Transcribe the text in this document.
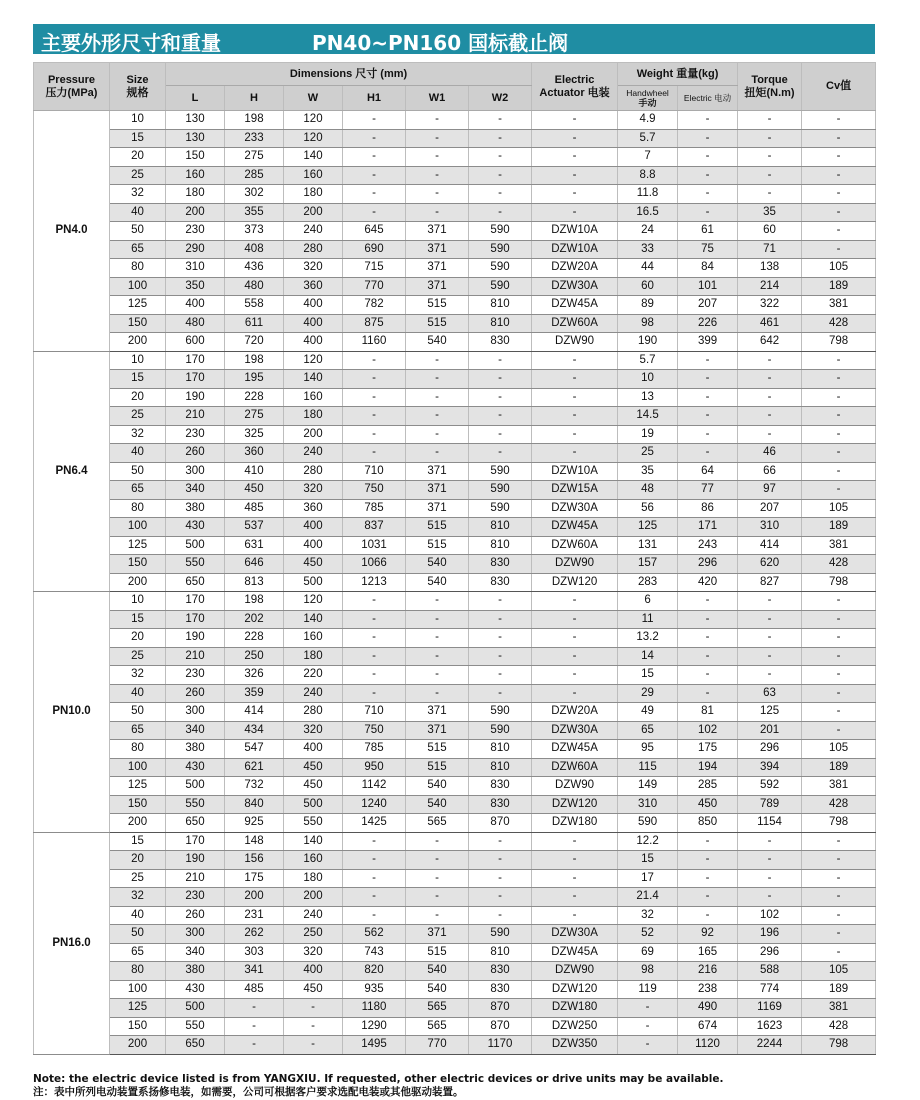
主要外形尺寸和重量	PN40~PN160 国标截止阀
Pressure
压力(MPa)	Size
规格	Dimensions 尺寸 (mm)						Electric
Actuator 电装	Weight 重量(kg)		Torque
扭矩(N.m)	Cv值
		L	H	W	H1	W1	W2		Handwheel
手动	Electric 电动		
PN4.0	10	130	198	120	-	-	-	-	4.9	-	-	-
	15	130	233	120	-	-	-	-	5.7	-	-	-
	20	150	275	140	-	-	-	-	7	-	-	-
	25	160	285	160	-	-	-	-	8.8	-	-	-
	32	180	302	180	-	-	-	-	11.8	-	-	-
	40	200	355	200	-	-	-	-	16.5	-	35	-
	50	230	373	240	645	371	590	DZW10A	24	61	60	-
	65	290	408	280	690	371	590	DZW10A	33	75	71	-
	80	310	436	320	715	371	590	DZW20A	44	84	138	105
	100	350	480	360	770	371	590	DZW30A	60	101	214	189
	125	400	558	400	782	515	810	DZW45A	89	207	322	381
	150	480	611	400	875	515	810	DZW60A	98	226	461	428
	200	600	720	400	1160	540	830	DZW90	190	399	642	798
PN6.4	10	170	198	120	-	-	-	-	5.7	-	-	-
	15	170	195	140	-	-	-	-	10	-	-	-
	20	190	228	160	-	-	-	-	13	-	-	-
	25	210	275	180	-	-	-	-	14.5	-	-	-
	32	230	325	200	-	-	-	-	19	-	-	-
	40	260	360	240	-	-	-	-	25	-	46	-
	50	300	410	280	710	371	590	DZW10A	35	64	66	-
	65	340	450	320	750	371	590	DZW15A	48	77	97	-
	80	380	485	360	785	371	590	DZW30A	56	86	207	105
	100	430	537	400	837	515	810	DZW45A	125	171	310	189
	125	500	631	400	1031	515	810	DZW60A	131	243	414	381
	150	550	646	450	1066	540	830	DZW90	157	296	620	428
	200	650	813	500	1213	540	830	DZW120	283	420	827	798
PN10.0	10	170	198	120	-	-	-	-	6	-	-	-
	15	170	202	140	-	-	-	-	11	-	-	-
	20	190	228	160	-	-	-	-	13.2	-	-	-
	25	210	250	180	-	-	-	-	14	-	-	-
	32	230	326	220	-	-	-	-	15	-	-	-
	40	260	359	240	-	-	-	-	29	-	63	-
	50	300	414	280	710	371	590	DZW20A	49	81	125	-
	65	340	434	320	750	371	590	DZW30A	65	102	201	-
	80	380	547	400	785	515	810	DZW45A	95	175	296	105
	100	430	621	450	950	515	810	DZW60A	115	194	394	189
	125	500	732	450	1142	540	830	DZW90	149	285	592	381
	150	550	840	500	1240	540	830	DZW120	310	450	789	428
	200	650	925	550	1425	565	870	DZW180	590	850	1154	798
PN16.0	15	170	148	140	-	-	-	-	12.2	-	-	-
	20	190	156	160	-	-	-	-	15	-	-	-
	25	210	175	180	-	-	-	-	17	-	-	-
	32	230	200	200	-	-	-	-	21.4	-	-	-
	40	260	231	240	-	-	-	-	32	-	102	-
	50	300	262	250	562	371	590	DZW30A	52	92	196	-
	65	340	303	320	743	515	810	DZW45A	69	165	296	-
	80	380	341	400	820	540	830	DZW90	98	216	588	105
	100	430	485	450	935	540	830	DZW120	119	238	774	189
	125	500	-	-	1180	565	870	DZW180	-	490	1169	381
	150	550	-	-	1290	565	870	DZW250	-	674	1623	428
	200	650	-	-	1495	770	1170	DZW350	-	1120	2244	798
Note: the electric device listed is from YANGXIU. If requested, other electric devices or drive units may be available.
注：表中所列电动装置系扬修电装，如需要，公司可根据客户要求选配电装或其他驱动装置。
